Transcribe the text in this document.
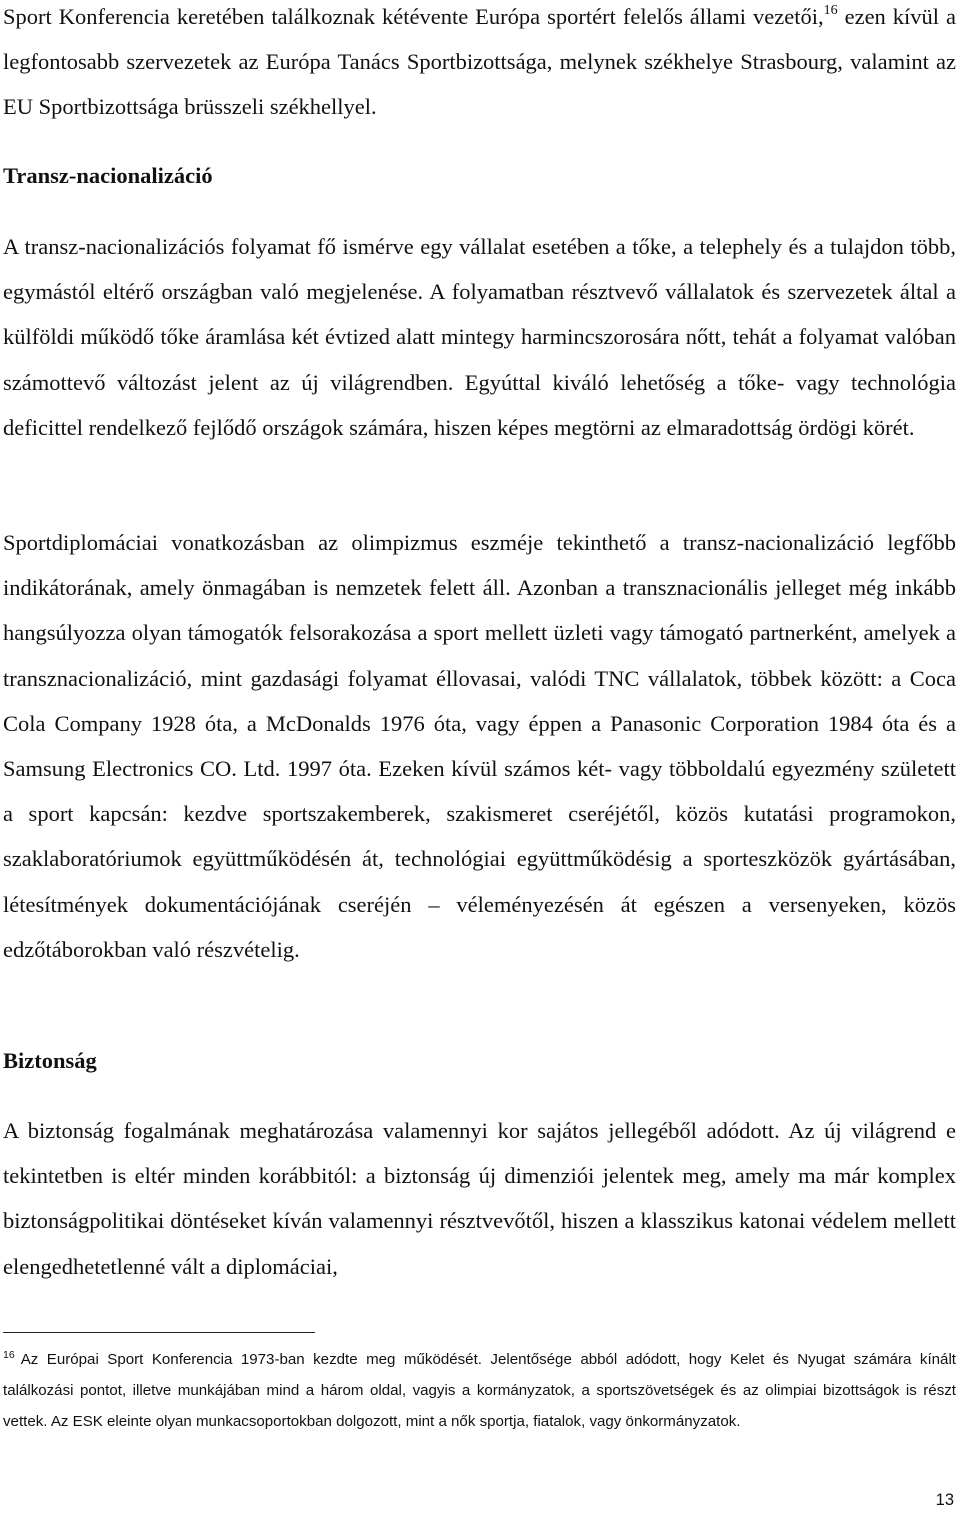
Sport Konferencia keretében találkoznak kétévente Európa sportért felelős állami vezetői,$^{16}$ ezen kívül a legfontosabb szervezetek az Európa Tanács Sportbizottsága, melynek székhelye Strasbourg, valamint az EU Sportbizottsága brüsszeli székhellyel.
Transz-nacionalizáció
A transz-nacionalizációs folyamat fő ismérve egy vállalat esetében a tőke, a telephely és a tulajdon több, egymástól eltérő országban való megjelenése. A folyamatban résztvevő vállalatok és szervezetek által a külföldi működő tőke áramlása két évtized alatt mintegy harmincszorosára nőtt, tehát a folyamat valóban számottevő változást jelent az új világrendben. Egyúttal kiváló lehetőség a tőke- vagy technológia deficittel rendelkező fejlődő országok számára, hiszen képes megtörni az elmaradottság ördögi körét.
Sportdiplomáciai vonatkozásban az olimpizmus eszméje tekinthető a transz-nacionalizáció legfőbb indikátorának, amely önmagában is nemzetek felett áll. Azonban a transznacionális jelleget még inkább hangsúlyozza olyan támogatók felsorakozása a sport mellett üzleti vagy támogató partnerként, amelyek a transznacionalizáció, mint gazdasági folyamat éllovasai, valódi TNC vállalatok, többek között: a Coca Cola Company 1928 óta, a McDonalds 1976 óta, vagy éppen a Panasonic Corporation 1984 óta és a Samsung Electronics CO. Ltd. 1997 óta. Ezeken kívül számos két- vagy többoldalú egyezmény született a sport kapcsán: kezdve sportszakemberek, szakismeret cseréjétől, közös kutatási programokon, szaklaboratóriumok együttműködésén át, technológiai együttműködésig a sporteszközök gyártásában, létesítmények dokumentációjának cseréjén – véleményezésén át egészen a versenyeken, közös edzőtáborokban való részvételig.
Biztonság
A biztonság fogalmának meghatározása valamennyi kor sajátos jellegéből adódott. Az új világrend e tekintetben is eltér minden korábbitól: a biztonság új dimenziói jelentek meg, amely ma már komplex biztonságpolitikai döntéseket kíván valamennyi résztvevőtől, hiszen a klasszikus katonai védelem mellett elengedhetetlenné vált a diplomáciai,
$^{16}$ Az Európai Sport Konferencia 1973-ban kezdte meg működését. Jelentősége abból adódott, hogy Kelet és Nyugat számára kínált találkozási pontot, illetve munkájában mind a három oldal, vagyis a kormányzatok, a sportszövetségek és az olimpiai bizottságok is részt vettek. Az ESK eleinte olyan munkacsoportokban dolgozott, mint a nők sportja, fiatalok, vagy önkormányzatok.
13
